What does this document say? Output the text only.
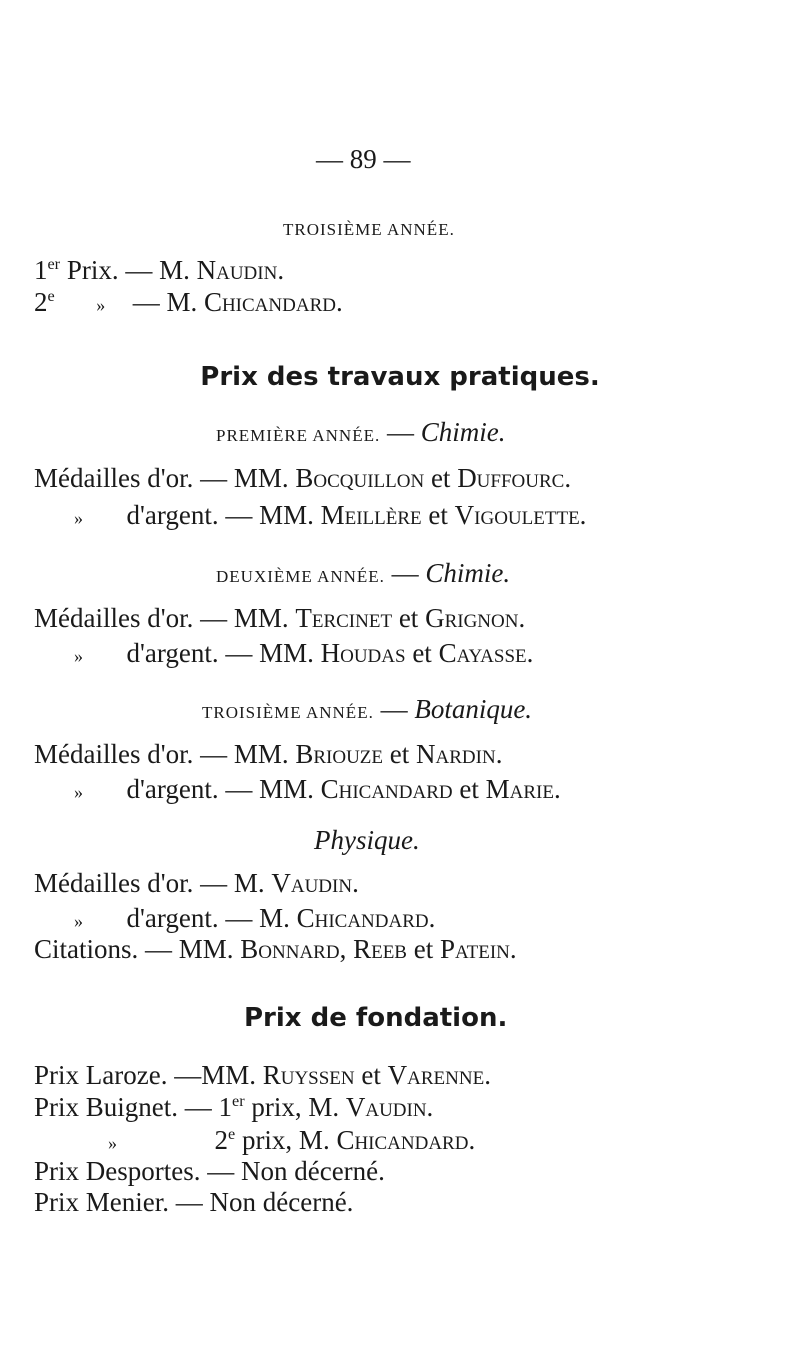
— 89 —
TROISIÈME ANNÉE.
1er Prix. — M. Naudin.
2e » — M. Chicandard.
Prix des travaux pratiques.
PREMIÈRE ANNÉE. — Chimie.
Médailles d'or. — MM. Bocquillon et Duffourc.
» d'argent. — MM. Meillère et Vigoulette.
DEUXIÈME ANNÉE. — Chimie.
Médailles d'or. — MM. Tercinet et Grignon.
» d'argent. — MM. Houdas et Cayasse.
TROISIÈME ANNÉE. — Botanique.
Médailles d'or. — MM. Briouze et Nardin.
» d'argent. — MM. Chicandard et Marie.
Physique.
Médailles d'or. — M. Vaudin.
» d'argent. — M. Chicandard.
Citations. — MM. Bonnard, Reeb et Patein.
Prix de fondation.
Prix Laroze. —MM. Ruyssen et Varenne.
Prix Buignet. — 1er prix, M. Vaudin.
»	2e prix, M. Chicandard.
Prix Desportes. — Non décerné.
Prix Menier. — Non décerné.
